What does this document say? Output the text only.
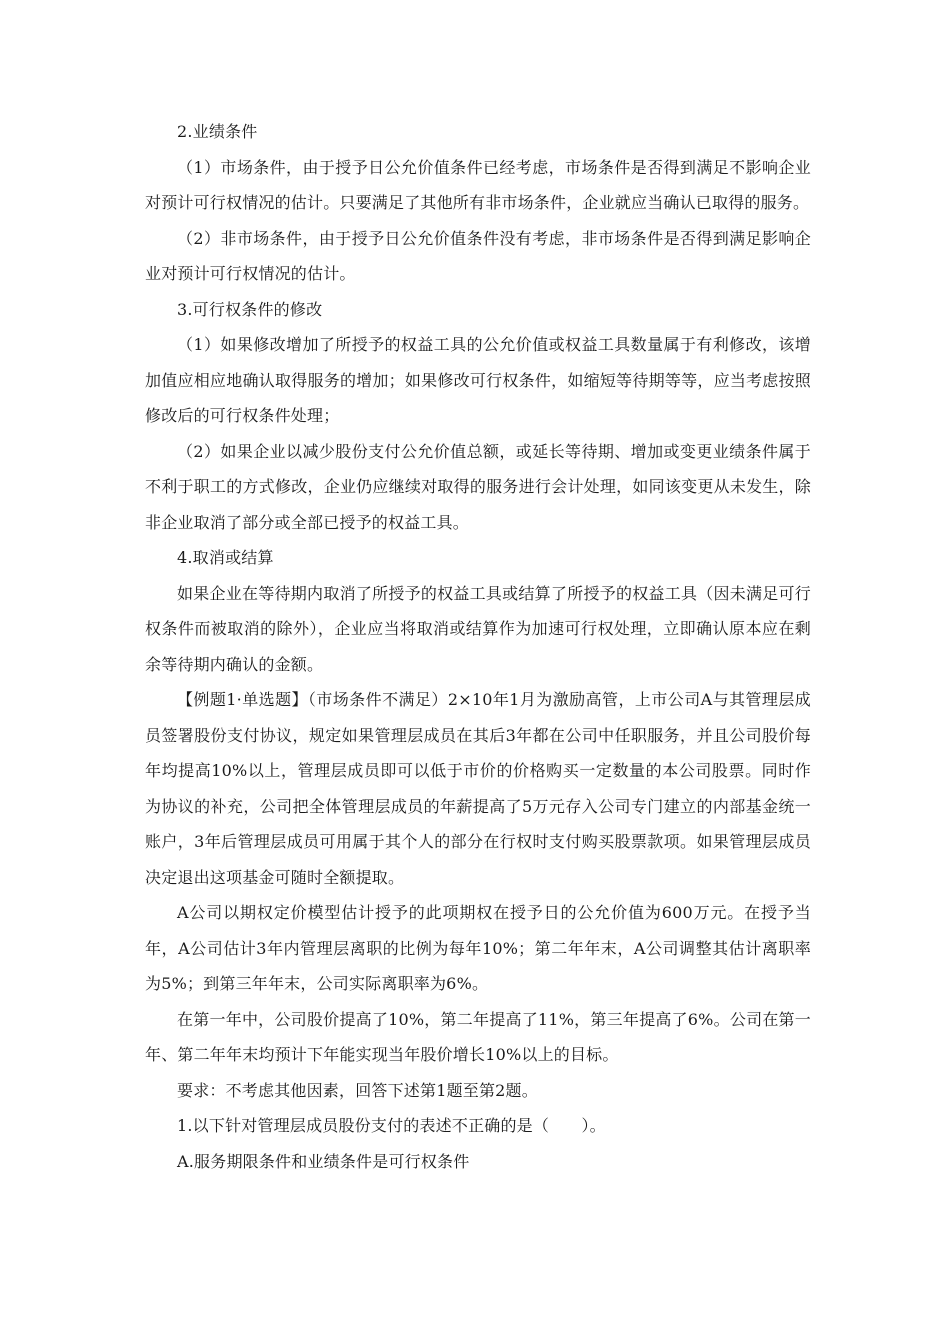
2.业绩条件

（1）市场条件，由于授予日公允价值条件已经考虑，市场条件是否得到满足不影响企业对预计可行权情况的估计。只要满足了其他所有非市场条件，企业就应当确认已取得的服务。

（2）非市场条件，由于授予日公允价值条件没有考虑，非市场条件是否得到满足影响企业对预计可行权情况的估计。

3.可行权条件的修改

（1）如果修改增加了所授予的权益工具的公允价值或权益工具数量属于有利修改，该增加值应相应地确认取得服务的增加；如果修改可行权条件，如缩短等待期等等，应当考虑按照修改后的可行权条件处理；

（2）如果企业以减少股份支付公允价值总额，或延长等待期、增加或变更业绩条件属于不利于职工的方式修改，企业仍应继续对取得的服务进行会计处理，如同该变更从未发生，除非企业取消了部分或全部已授予的权益工具。

4.取消或结算

如果企业在等待期内取消了所授予的权益工具或结算了所授予的权益工具（因未满足可行权条件而被取消的除外），企业应当将取消或结算作为加速可行权处理，立即确认原本应在剩余等待期内确认的金额。

【例题1·单选题】（市场条件不满足）2×10年1月为激励高管，上市公司A与其管理层成员签署股份支付协议，规定如果管理层成员在其后3年都在公司中任职服务，并且公司股价每年均提高10%以上，管理层成员即可以低于市价的价格购买一定数量的本公司股票。同时作为协议的补充，公司把全体管理层成员的年薪提高了5万元存入公司专门建立的内部基金统一账户，3年后管理层成员可用属于其个人的部分在行权时支付购买股票款项。如果管理层成员决定退出这项基金可随时全额提取。

A公司以期权定价模型估计授予的此项期权在授予日的公允价值为600万元。在授予当年，A公司估计3年内管理层离职的比例为每年10%；第二年年末，A公司调整其估计离职率为5%；到第三年年末，公司实际离职率为6%。

在第一年中，公司股价提高了10%，第二年提高了11%，第三年提高了6%。公司在第一年、第二年年末均预计下年能实现当年股价增长10%以上的目标。

要求：不考虑其他因素，回答下述第1题至第2题。

1.以下针对管理层成员股份支付的表述不正确的是（　　）。

A.服务期限条件和业绩条件是可行权条件
